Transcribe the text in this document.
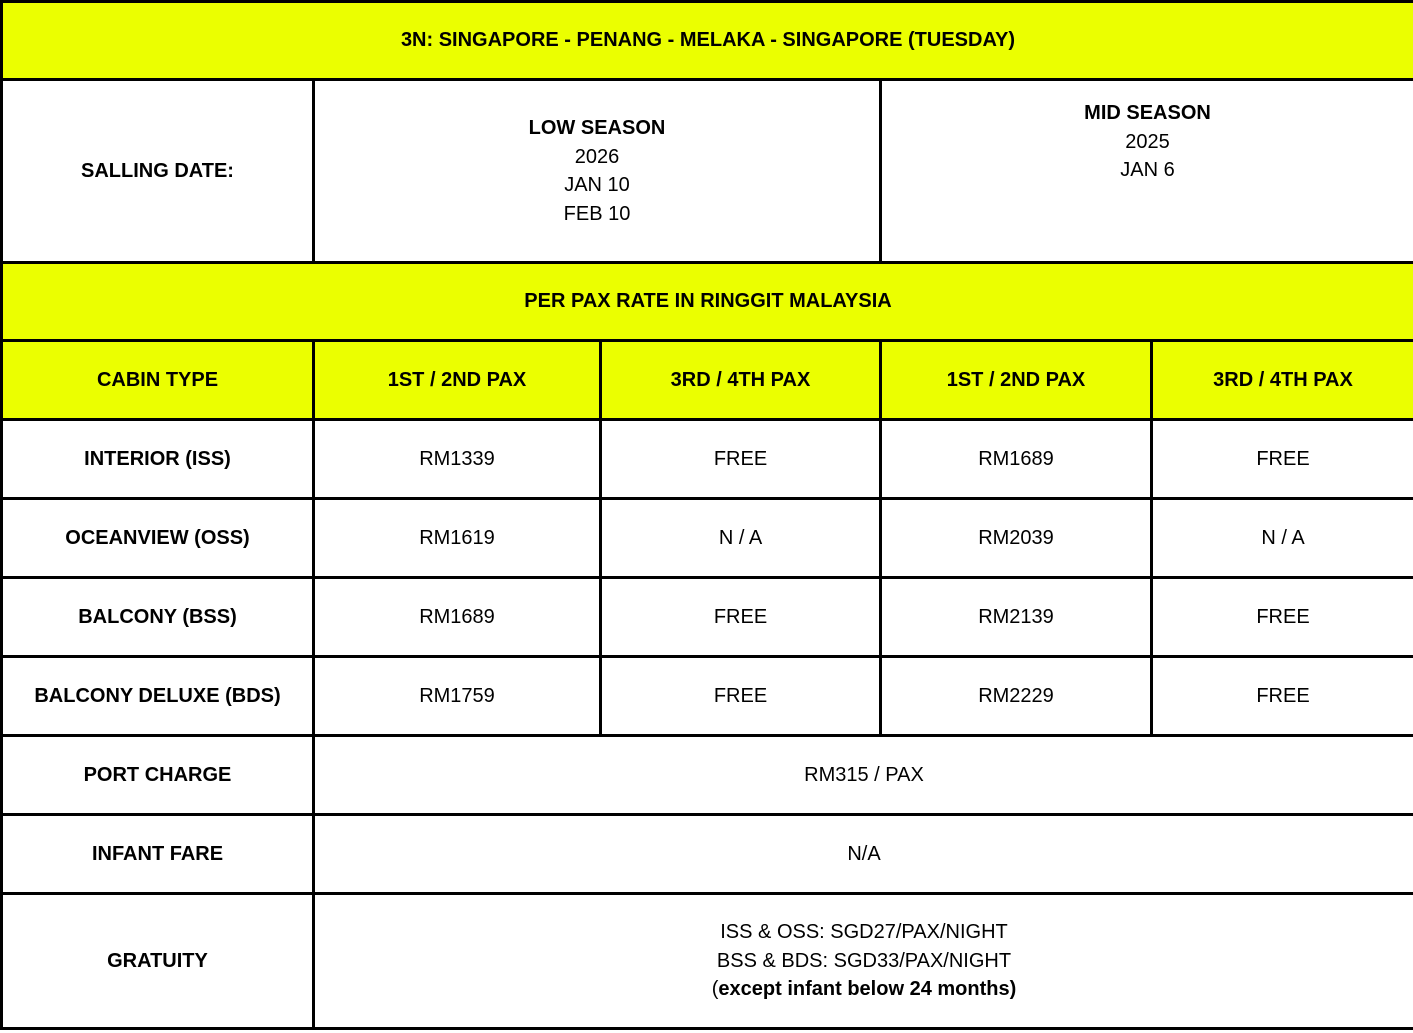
3N: SINGAPORE - PENANG - MELAKA - SINGAPORE (TUESDAY)				
SALLING DATE:	LOW SEASON
2026
JAN 10
FEB 10		MID SEASON
2025
JAN 6	

PER PAX RATE IN RINGGIT MALAYSIA				
CABIN TYPE	1ST / 2ND PAX	3RD / 4TH PAX	1ST / 2ND PAX	3RD / 4TH PAX
INTERIOR (ISS)	RM1339	FREE	RM1689	FREE
OCEANVIEW (OSS)	RM1619	N / A	RM2039	N / A
BALCONY (BSS)	RM1689	FREE	RM2139	FREE
BALCONY DELUXE (BDS)	RM1759	FREE	RM2229	FREE
PORT CHARGE	RM315 / PAX			
INFANT FARE	N/A			
GRATUITY	ISS & OSS: SGD27/PAX/NIGHT
BSS & BDS: SGD33/PAX/NIGHT
(except infant below 24 months)			
